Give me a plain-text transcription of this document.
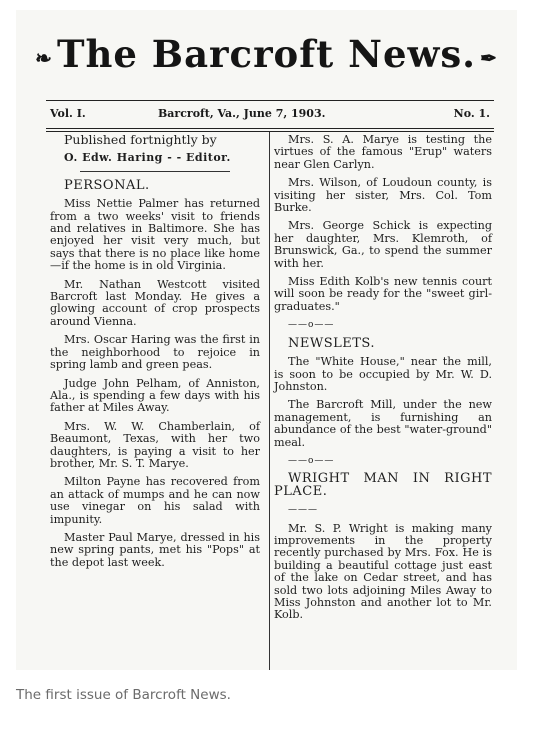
❧ The Barcroft News. ✒
Vol. I.	Barcroft, Va., June 7, 1903.	No. 1.

Published fortnightly by

O. Edw. Haring - - Editor.

PERSONAL.

Miss Nettie Palmer has returned from a two weeks' visit to friends and relatives in Baltimore. She has enjoyed her visit very much, but says that there is no place like home—if the home is in old Virginia.

Mr. Nathan Westcott visited Barcroft last Monday. He gives a glowing account of crop prospects around Vienna.

Mrs. Oscar Haring was the first in the neighborhood to rejoice in spring lamb and green peas.

Judge John Pelham, of Anniston, Ala., is spending a few days with his father at Miles Away.

Mrs. W. W. Chamberlain, of Beaumont, Texas, with her two daughters, is paying a visit to her brother, Mr. S. T. Marye.

Milton Payne has recovered from an attack of mumps and he can now use vinegar on his salad with impunity.

Master Paul Marye, dressed in his new spring pants, met his "Pops" at the depot last week.

Mrs. S. A. Marye is testing the virtues of the famous "Erup" waters near Glen Carlyn.

Mrs. Wilson, of Loudoun county, is visiting her sister, Mrs. Col. Tom Burke.

Mrs. George Schick is expecting her daughter, Mrs. Klemroth, of Brunswick, Ga., to spend the summer with her.

Miss Edith Kolb's new tennis court will soon be ready for the "sweet girl-graduates."

——o——

NEWSLETS.

The "White House," near the mill, is soon to be occupied by Mr. W. D. Johnston.

The Barcroft Mill, under the new management, is furnishing an abundance of the best "water-ground" meal.

——o——

WRIGHT MAN IN RIGHT PLACE.

———

Mr. S. P. Wright is making many improvements in the property recently purchased by Mrs. Fox. He is building a beautiful cottage just east of the lake on Cedar street, and has sold two lots adjoining Miles Away to Miss Johnston and another lot to Mr. Kolb.

The first issue of Barcroft News.
